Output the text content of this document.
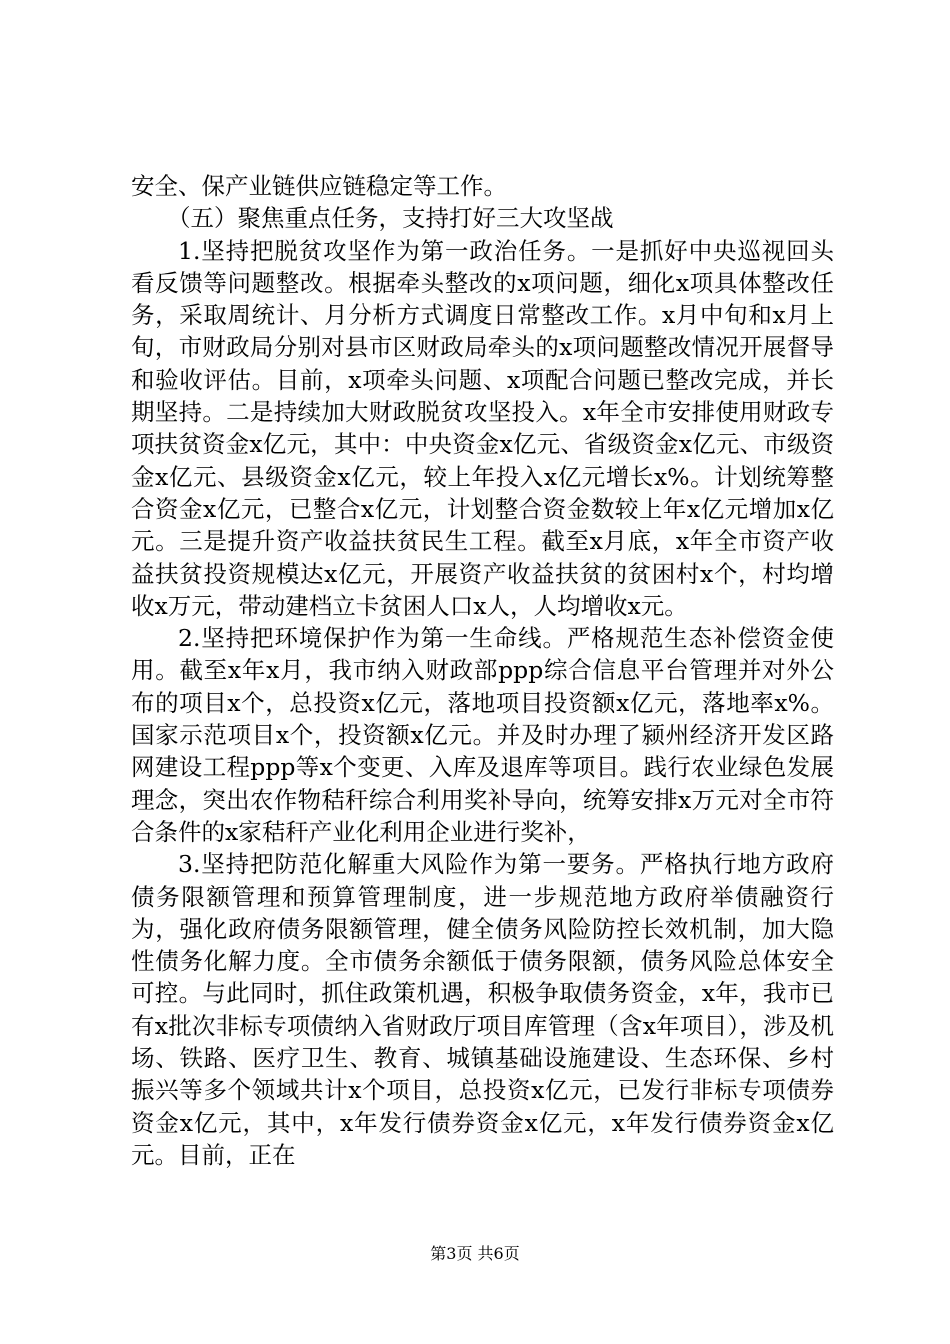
安全、保产业链供应链稳定等工作。

（五）聚焦重点任务，支持打好三大攻坚战

1.坚持把脱贫攻坚作为第一政治任务。一是抓好中央巡视回头看反馈等问题整改。根据牵头整改的x项问题，细化x项具体整改任务，采取周统计、月分析方式调度日常整改工作。x月中旬和x月上旬，市财政局分别对县市区财政局牵头的x项问题整改情况开展督导和验收评估。目前，x项牵头问题、x项配合问题已整改完成，并长期坚持。二是持续加大财政脱贫攻坚投入。x年全市安排使用财政专项扶贫资金x亿元，其中：中央资金x亿元、省级资金x亿元、市级资金x亿元、县级资金x亿元，较上年投入x亿元增长x%。计划统筹整合资金x亿元，已整合x亿元，计划整合资金数较上年x亿元增加x亿元。三是提升资产收益扶贫民生工程。截至x月底，x年全市资产收益扶贫投资规模达x亿元，开展资产收益扶贫的贫困村x个，村均增收x万元，带动建档立卡贫困人口x人，人均增收x元。

2.坚持把环境保护作为第一生命线。严格规范生态补偿资金使用。截至x年x月，我市纳入财政部ppp综合信息平台管理并对外公布的项目x个，总投资x亿元，落地项目投资额x亿元，落地率x%。国家示范项目x个，投资额x亿元。并及时办理了颍州经济开发区路网建设工程ppp等x个变更、入库及退库等项目。践行农业绿色发展理念，突出农作物秸秆综合利用奖补导向，统筹安排x万元对全市符合条件的x家秸秆产业化利用企业进行奖补，

3.坚持把防范化解重大风险作为第一要务。严格执行地方政府债务限额管理和预算管理制度，进一步规范地方政府举债融资行为，强化政府债务限额管理，健全债务风险防控长效机制，加大隐性债务化解力度。全市债务余额低于债务限额，债务风险总体安全可控。与此同时，抓住政策机遇，积极争取债务资金，x年，我市已有x批次非标专项债纳入省财政厅项目库管理（含x年项目），涉及机场、铁路、医疗卫生、教育、城镇基础设施建设、生态环保、乡村振兴等多个领域共计x个项目，总投资x亿元，已发行非标专项债券资金x亿元，其中，x年发行债券资金x亿元，x年发行债券资金x亿元。目前，正在

第3页 共6页
